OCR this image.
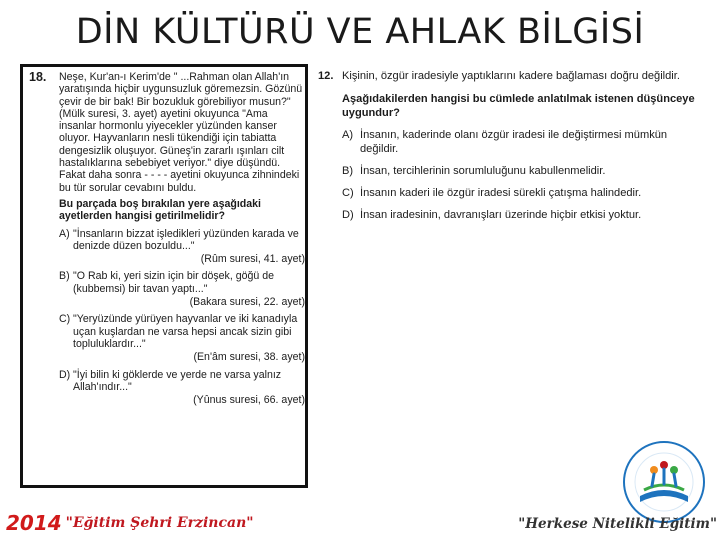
DİN KÜLTÜRÜ VE AHLAK BİLGİSİ
18. Neşe, Kur'an-ı Kerim'de " ...Rahman olan Allah'ın yaratışında hiçbir uygunsuzluk göremezsin. Gözünü çevir de bir bak! Bir bozukluk görebiliyor musun?" (Mülk suresi, 3. ayet) ayetini okuyunca "Ama insanlar hormonlu yiyecekler yüzünden kanser oluyor. Hayvanların nesli tükendiği için tabiatta dengesizlik oluşuyor. Güneş'in zararlı ışınları cilt hastalıklarına sebebiyet veriyor." diye düşündü. Fakat daha sonra - - - - ayetini okuyunca zihnindeki bu tür sorular cevabını buldu.
Bu parçada boş bırakılan yere aşağıdaki ayetlerden hangisi getirilmelidir?
A) "İnsanların bizzat işledikleri yüzünden karada ve denizde düzen bozuldu..."
(Rûm suresi, 41. ayet)
B) "O Rab ki, yeri sizin için bir döşek, göğü de (kubbemsi) bir tavan yaptı..."
(Bakara suresi, 22. ayet)
C) "Yeryüzünde yürüyen hayvanlar ve iki kanadıyla uçan kuşlardan ne varsa hepsi ancak sizin gibi topluluklardır..."
(En'âm suresi, 38. ayet)
D) "İyi bilin ki göklerde ve yerde ne varsa yalnız Allah'ındır..."
(Yûnus suresi, 66. ayet)
12. Kişinin, özgür iradesiyle yaptıklarını kadere bağlaması doğru değildir.
Aşağıdakilerden hangisi bu cümlede anlatılmak istenen düşünceye uygundur?
A) İnsanın, kaderinde olanı özgür iradesi ile değiştirmesi mümkün değildir.
B) İnsan, tercihlerinin sorumluluğunu kabullenmelidir.
C) İnsanın kaderi ile özgür iradesi sürekli çatışma halindedir.
D) İnsan iradesinin, davranışları üzerinde hiçbir etkisi yoktur.
2014 "Eğitim Şehri Erzincan"	"Herkese Nitelikli Eğitim"
